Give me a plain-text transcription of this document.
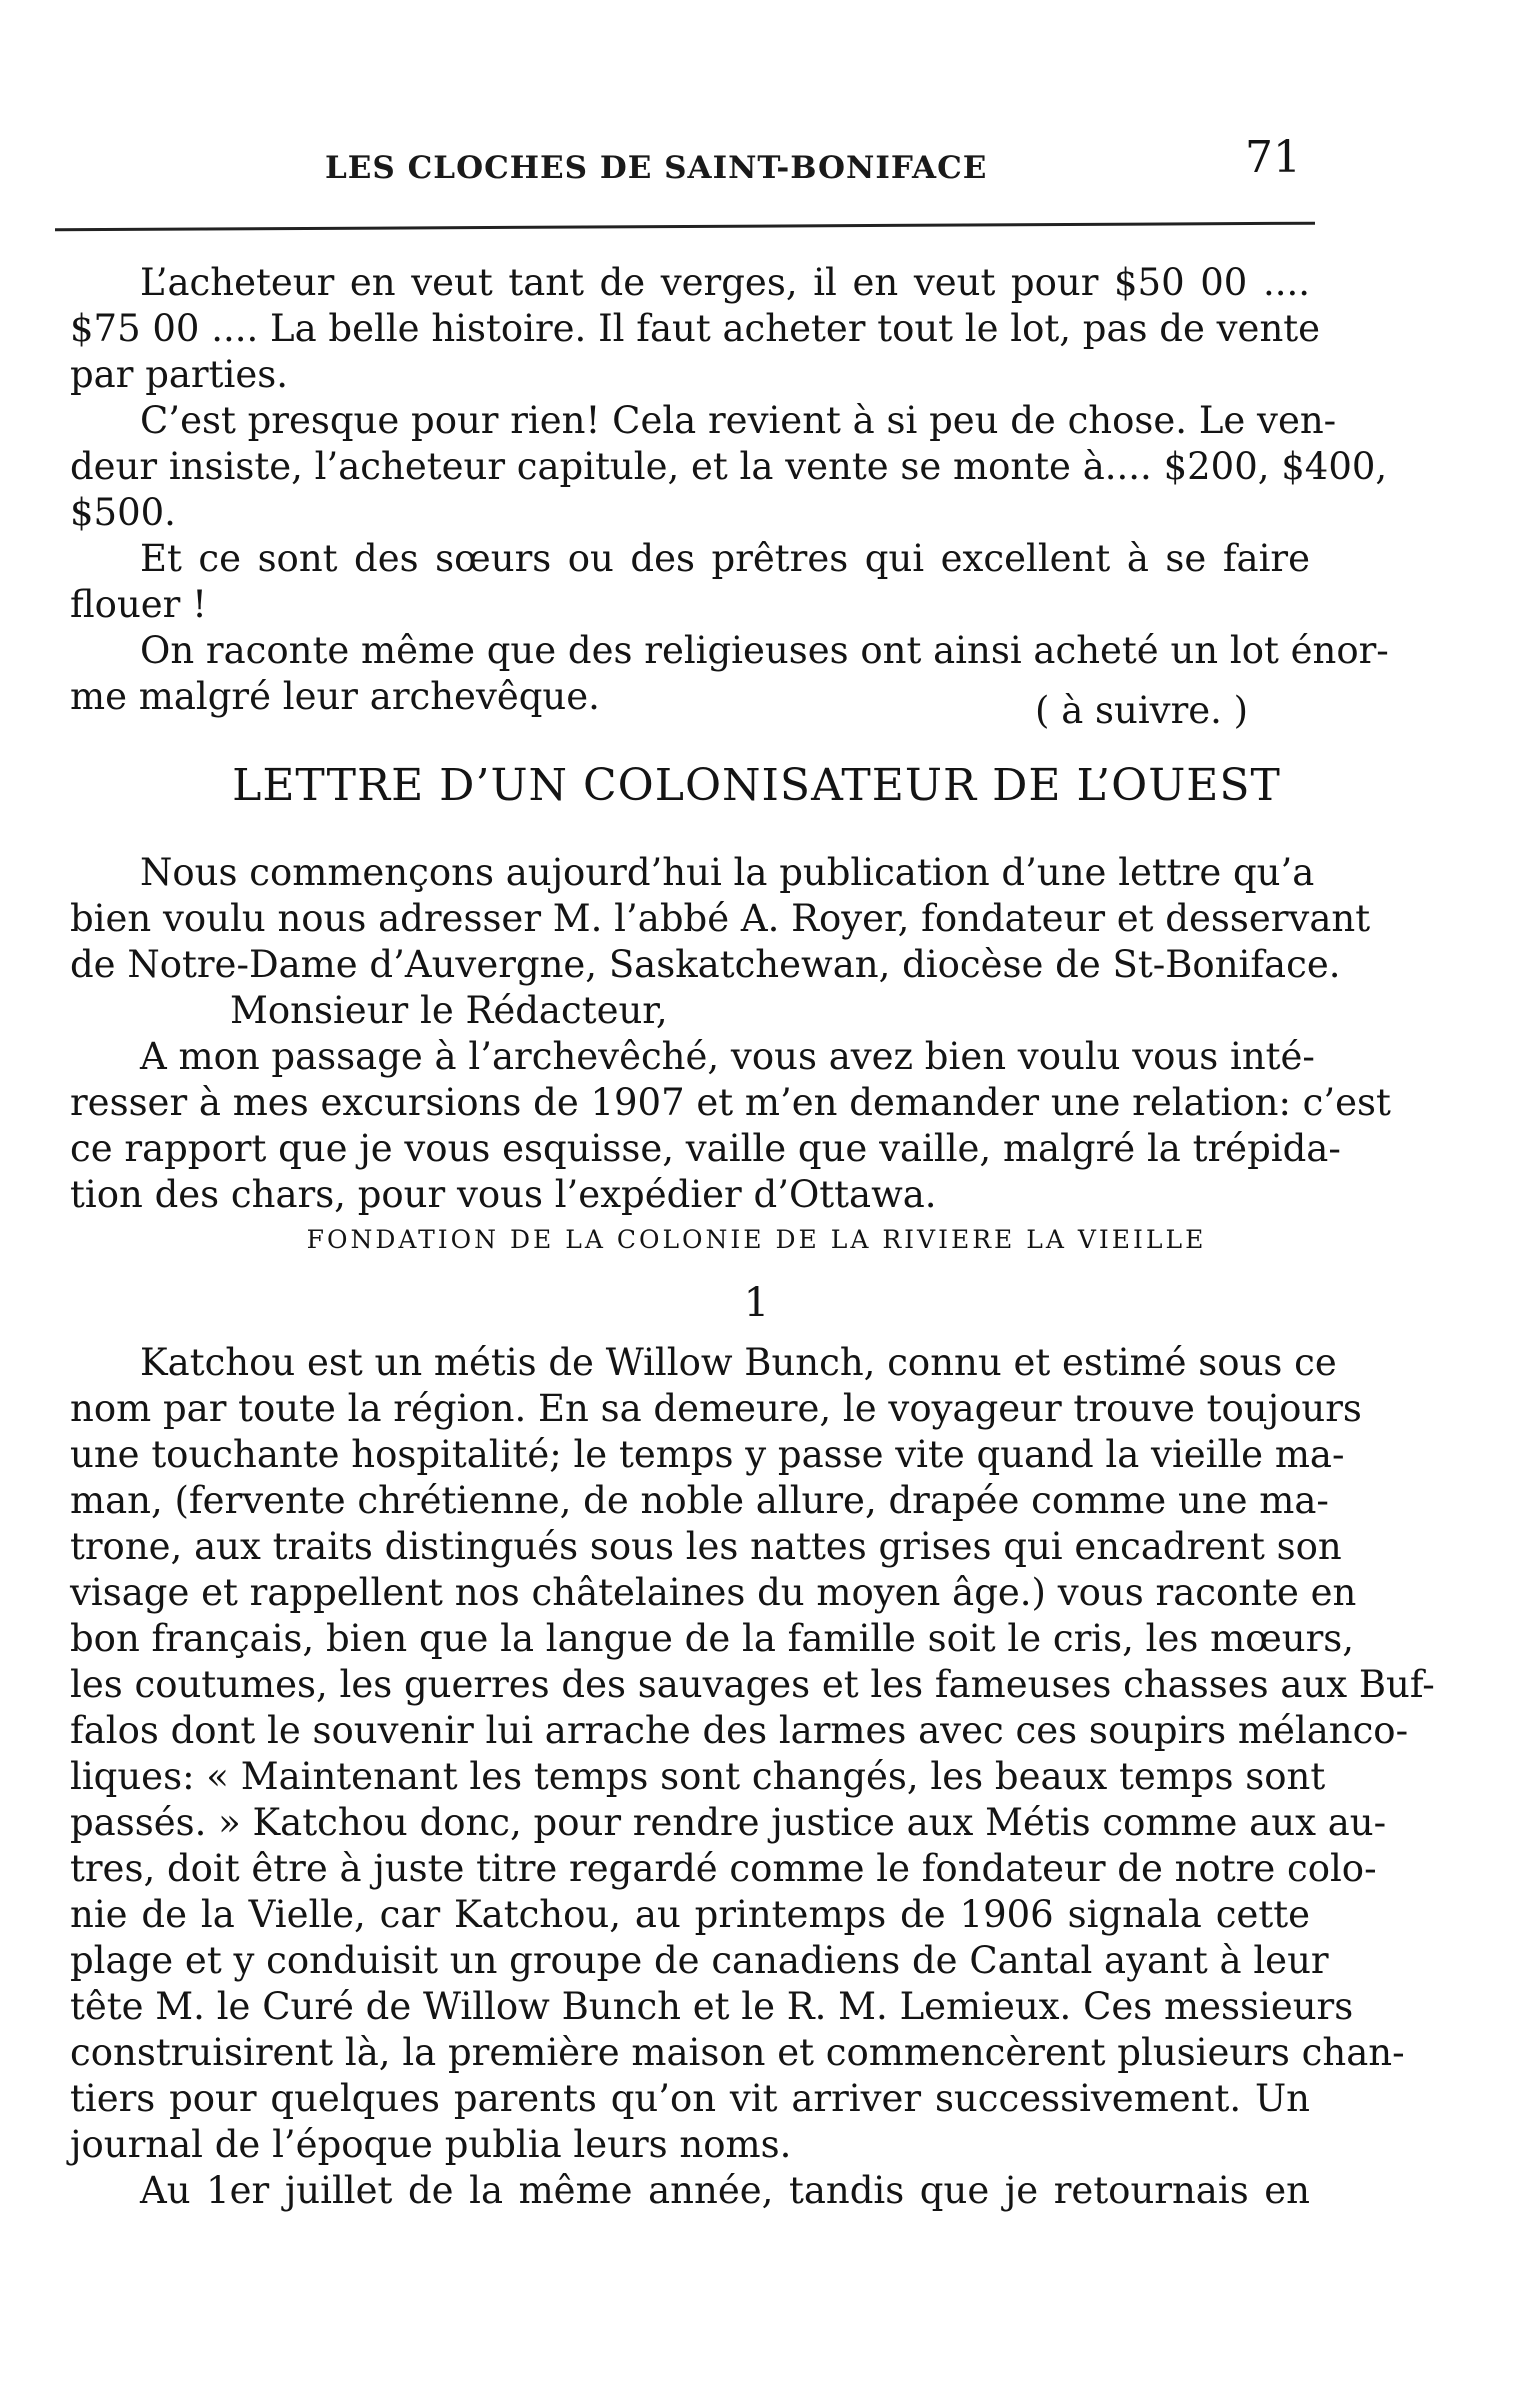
LES CLOCHES DE SAINT-BONIFACE	71
L’acheteur en veut tant de verges, il en veut pour $50 00 ....
$75 00 .... La belle histoire. Il faut acheter tout le lot, pas de vente
par parties.
C’est presque pour rien! Cela revient à si peu de chose. Le ven-
deur insiste, l’acheteur capitule, et la vente se monte à.... $200, $400,
$500.
Et ce sont des sœurs ou des prêtres qui excellent à se faire
flouer !
On raconte même que des religieuses ont ainsi acheté un lot énor-
me malgré leur archevêque.	( à suivre. )
LETTRE D’UN COLONISATEUR DE L’OUEST
Nous commençons aujourd’hui la publication d’une lettre qu’a
bien voulu nous adresser M. l’abbé A. Royer, fondateur et desservant
de Notre-Dame d’Auvergne, Saskatchewan, diocèse de St-Boniface.
Monsieur le Rédacteur,
A mon passage à l’archevêché, vous avez bien voulu vous inté-
resser à mes excursions de 1907 et m’en demander une relation: c’est
ce rapport que je vous esquisse, vaille que vaille, malgré la trépida-
tion des chars, pour vous l’expédier d’Ottawa.
FONDATION DE LA COLONIE DE LA RIVIERE LA VIEILLE
1
Katchou est un métis de Willow Bunch, connu et estimé sous ce
nom par toute la région. En sa demeure, le voyageur trouve toujours
une touchante hospitalité; le temps y passe vite quand la vieille ma-
man, (fervente chrétienne, de noble allure, drapée comme une ma-
trone, aux traits distingués sous les nattes grises qui encadrent son
visage et rappellent nos châtelaines du moyen âge.) vous raconte en
bon français, bien que la langue de la famille soit le cris, les mœurs,
les coutumes, les guerres des sauvages et les fameuses chasses aux Buf-
falos dont le souvenir lui arrache des larmes avec ces soupirs mélanco-
liques: « Maintenant les temps sont changés, les beaux temps sont
passés. » Katchou donc, pour rendre justice aux Métis comme aux au-
tres, doit être à juste titre regardé comme le fondateur de notre colo-
nie de la Vielle, car Katchou, au printemps de 1906 signala cette
plage et y conduisit un groupe de canadiens de Cantal ayant à leur
tête M. le Curé de Willow Bunch et le R. M. Lemieux. Ces messieurs
construisirent là, la première maison et commencèrent plusieurs chan-
tiers pour quelques parents qu’on vit arriver successivement. Un
journal de l’époque publia leurs noms.
Au 1er juillet de la même année, tandis que je retournais en
